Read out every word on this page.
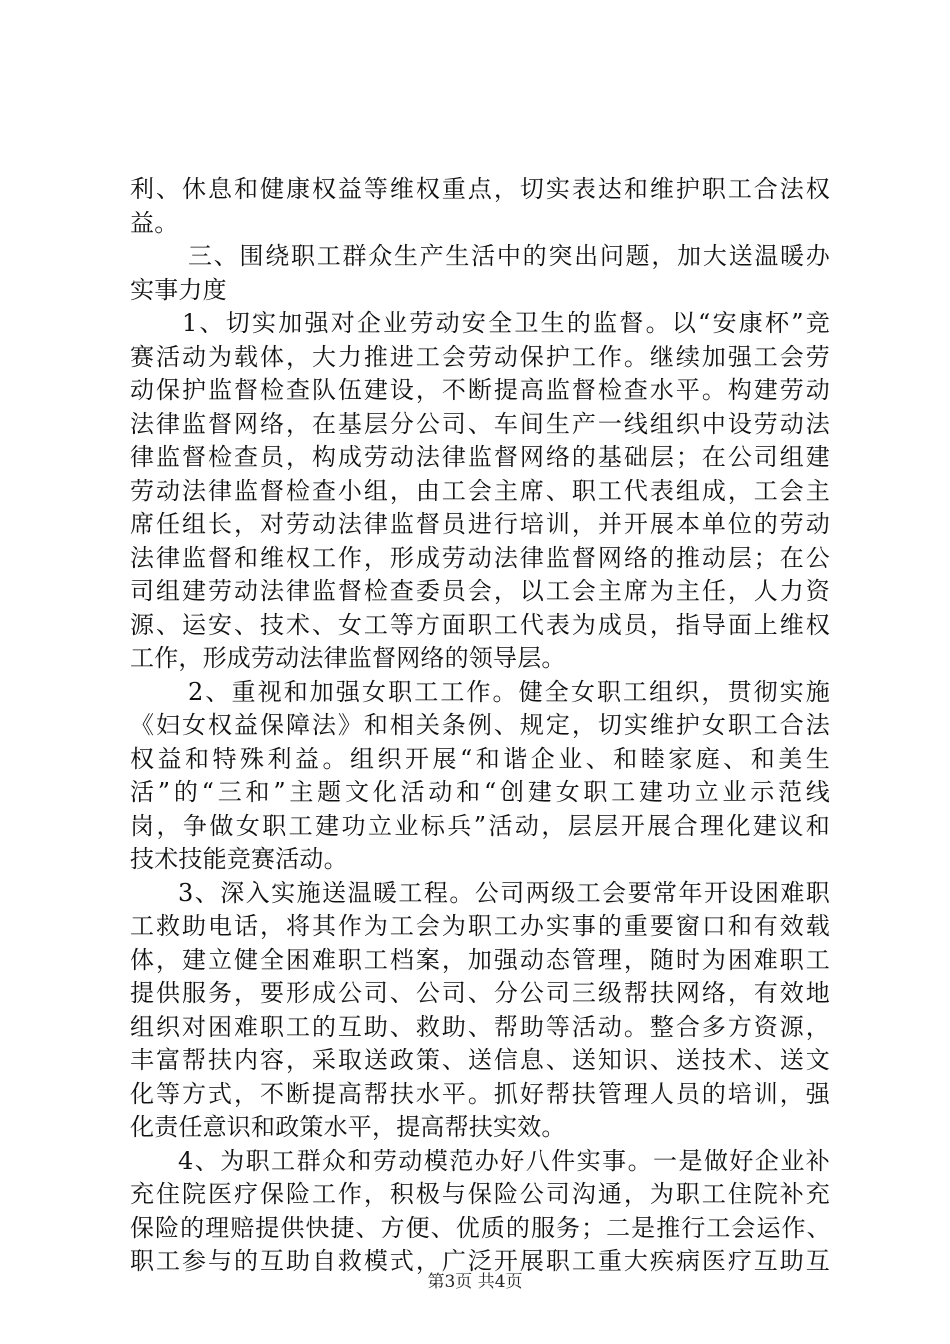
利、休息和健康权益等维权重点，切实表达和维护职工合法权
益。
三、围绕职工群众生产生活中的突出问题，加大送温暖办
实事力度
1、切实加强对企业劳动安全卫生的监督。以“安康杯”竞
赛活动为载体，大力推进工会劳动保护工作。继续加强工会劳
动保护监督检查队伍建设，不断提高监督检查水平。构建劳动
法律监督网络，在基层分公司、车间生产一线组织中设劳动法
律监督检查员，构成劳动法律监督网络的基础层；在公司组建
劳动法律监督检查小组，由工会主席、职工代表组成，工会主
席任组长，对劳动法律监督员进行培训，并开展本单位的劳动
法律监督和维权工作，形成劳动法律监督网络的推动层；在公
司组建劳动法律监督检查委员会，以工会主席为主任，人力资
源、运安、技术、女工等方面职工代表为成员，指导面上维权
工作，形成劳动法律监督网络的领导层。
2、重视和加强女职工工作。健全女职工组织，贯彻实施
《妇女权益保障法》和相关条例、规定，切实维护女职工合法
权益和特殊利益。组织开展“和谐企业、和睦家庭、和美生
活”的“三和”主题文化活动和“创建女职工建功立业示范线
岗，争做女职工建功立业标兵”活动，层层开展合理化建议和
技术技能竞赛活动。
3、深入实施送温暖工程。公司两级工会要常年开设困难职
工救助电话，将其作为工会为职工办实事的重要窗口和有效载
体，建立健全困难职工档案，加强动态管理，随时为困难职工
提供服务，要形成公司、公司、分公司三级帮扶网络，有效地
组织对困难职工的互助、救助、帮助等活动。整合多方资源，
丰富帮扶内容，采取送政策、送信息、送知识、送技术、送文
化等方式，不断提高帮扶水平。抓好帮扶管理人员的培训，强
化责任意识和政策水平，提高帮扶实效。
4、为职工群众和劳动模范办好八件实事。一是做好企业补
充住院医疗保险工作，积极与保险公司沟通，为职工住院补充
保险的理赔提供快捷、方便、优质的服务；二是推行工会运作、
职工参与的互助自救模式，广泛开展职工重大疾病医疗互助互
第3页 共4页
